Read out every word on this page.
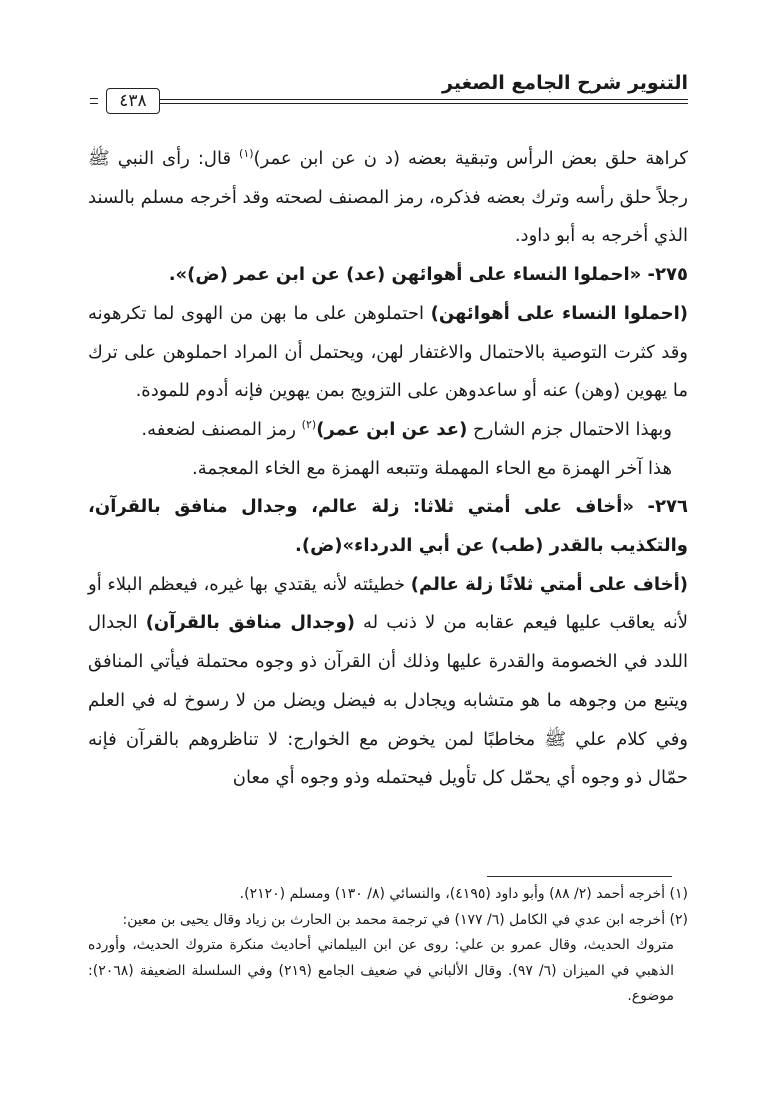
التنوير شرح الجامع الصغير
٤٣٨

كراهة حلق بعض الرأس وتبقية بعضه (د ن عن ابن عمر)$^{(١)}$ قال: رأى النبي ﷺ رجلاً حلق رأسه وترك بعضه فذكره، رمز المصنف لصحته وقد أخرجه مسلم بالسند الذي أخرجه به أبو داود.

٢٧٥- «احملوا النساء على أهوائهن (عد) عن ابن عمر (ض)».

(احملوا النساء على أهوائهن) احتملوهن على ما بهن من الهوى لما تكرهونه وقد كثرت التوصية بالاحتمال والاغتفار لهن، ويحتمل أن المراد احملوهن على ترك ما يهوين (وهن) عنه أو ساعدوهن على التزويج بمن يهوين فإنه أدوم للمودة.

وبهذا الاحتمال جزم الشارح (عد عن ابن عمر)$^{(٢)}$ رمز المصنف لضعفه.

هذا آخر الهمزة مع الحاء المهملة وتتبعه الهمزة مع الخاء المعجمة.

٢٧٦- «أخاف على أمتي ثلاثا: زلة عالم، وجدال منافق بالقرآن، والتكذيب بالقدر (طب) عن أبي الدرداء»(ض).

(أخاف على أمتي ثلاثًا زلة عالم) خطيئته لأنه يقتدي بها غيره، فيعظم البلاء أو لأنه يعاقب عليها فيعم عقابه من لا ذنب له (وجدال منافق بالقرآن) الجدال اللدد في الخصومة والقدرة عليها وذلك أن القرآن ذو وجوه محتملة فيأتي المنافق ويتبع من وجوهه ما هو متشابه ويجادل به فيضل ويضل من لا رسوخ له في العلم وفي كلام علي ﷺ مخاطبًا لمن يخوض مع الخوارج: لا تناظروهم بالقرآن فإنه حمّال ذو وجوه أي يحمّل كل تأويل فيحتمله وذو وجوه أي معان

(١) أخرجه أحمد (٢/ ٨٨) وأبو داود (٤١٩٥)، والنسائي (٨/ ١٣٠) ومسلم (٢١٢٠).

(٢) أخرجه ابن عدي في الكامل (٦/ ١٧٧) في ترجمة محمد بن الحارث بن زياد وقال يحيى بن معين:

متروك الحديث، وقال عمرو بن علي: روى عن ابن البيلماني أحاديث منكرة متروك الحديث، وأورده الذهبي في الميزان (٦/ ٩٧). وقال الألباني في ضعيف الجامع (٢١٩) وفي السلسلة الضعيفة (٢٠٦٨): موضوع.
